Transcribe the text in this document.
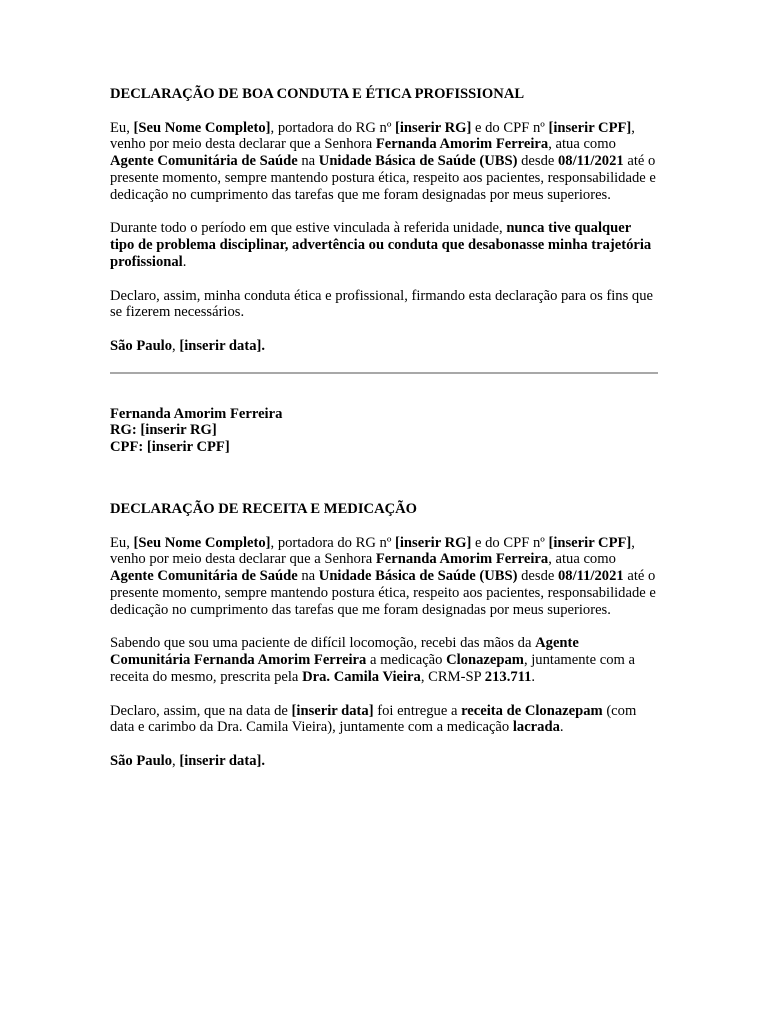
DECLARAÇÃO DE BOA CONDUTA E ÉTICA PROFISSIONAL

Eu, [Seu Nome Completo], portadora do RG nº [inserir RG] e do CPF nº [inserir CPF], venho por meio desta declarar que a Senhora Fernanda Amorim Ferreira, atua como Agente Comunitária de Saúde na Unidade Básica de Saúde (UBS) desde 08/11/2021 até o presente momento, sempre mantendo postura ética, respeito aos pacientes, responsabilidade e dedicação no cumprimento das tarefas que me foram designadas por meus superiores.

Durante todo o período em que estive vinculada à referida unidade, nunca tive qualquer tipo de problema disciplinar, advertência ou conduta que desabonasse minha trajetória profissional.

Declaro, assim, minha conduta ética e profissional, firmando esta declaração para os fins que se fizerem necessários.

São Paulo, [inserir data].

Fernanda Amorim Ferreira
RG: [inserir RG]
CPF: [inserir CPF]
DECLARAÇÃO DE RECEITA E MEDICAÇÃO

Eu, [Seu Nome Completo], portadora do RG nº [inserir RG] e do CPF nº [inserir CPF], venho por meio desta declarar que a Senhora Fernanda Amorim Ferreira, atua como Agente Comunitária de Saúde na Unidade Básica de Saúde (UBS) desde 08/11/2021 até o presente momento, sempre mantendo postura ética, respeito aos pacientes, responsabilidade e dedicação no cumprimento das tarefas que me foram designadas por meus superiores.

Sabendo que sou uma paciente de difícil locomoção, recebi das mãos da Agente Comunitária Fernanda Amorim Ferreira a medicação Clonazepam, juntamente com a receita do mesmo, prescrita pela Dra. Camila Vieira, CRM-SP 213.711.

Declaro, assim, que na data de [inserir data] foi entregue a receita de Clonazepam (com data e carimbo da Dra. Camila Vieira), juntamente com a medicação lacrada.

São Paulo, [inserir data].
